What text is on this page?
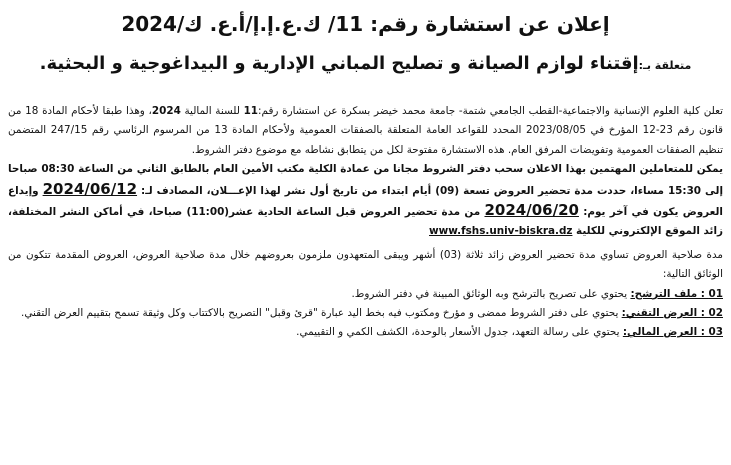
إعلان عن استشارة رقم: 11/ ك.ع.إ.إ/أ.ع. ك/2024
متعلقة بـ:إقتناء لوازم الصيانة و تصليح المباني الإدارية و البيداغوجية و البحثية.

تعلن كلية العلوم الإنسانية والاجتماعية-القطب الجامعي شتمة- جامعة محمد خيضر بسكرة عن استشارة رقم:11 للسنة المالية 2024، وهذا طبقا لأحكام المادة 18 من قانون رقم 23-12 المؤرخ في 2023/08/05 المحدد للقواعد العامة المتعلقة بالصفقات العمومية ولأحكام المادة 13 من المرسوم الرئاسي رقم 247/15 المتضمن تنظيم الصفقات العمومية وتفويضات المرفق العام. هذه الاستشارة مفتوحة لكل من يتطابق نشاطه مع موضوع دفتر الشروط.

يمكن للمتعاملين المهتمين بهذا الاعلان سحب دفتر الشروط مجانا من عمادة الكلية مكتب الأمين العام بالطابق الثاني من الساعة 08:30 صباحا إلى 15:30 مساءا، حددت مدة تحضير العروض تسعة (09) أيام ابتداء من تاريخ أول نشر لهذا الإعـــلان، المصادف لـ: 2024/06/12 وإيداع العروض يكون في آخر يوم: 2024/06/20 من مدة تحضير العروض قبل الساعة الحادية عشر(11:00) صباحا، في أماكن النشر المختلفة، زائد الموقع الإلكتروني للكلية www.fshs.univ-biskra.dz

مدة صلاحية العروض تساوي مدة تحضير العروض زائد ثلاثة (03) أشهر ويبقى المتعهدون ملزمون بعروضهم خلال مدة صلاحية العروض، العروض المقدمة تتكون من الوثائق التالية:

01 : ملف الترشح: يحتوي على تصريح بالترشح وبه الوثائق المبينة في دفتر الشروط.

02 : العرض التقني: يحتوي على دفتر الشروط ممضى و مؤرخ ومكتوب فيه بخط اليد عبارة "قرئ وقبل" التصريح بالاكتتاب وكل وثيقة تسمح بتقييم العرض التقني.

03 : العرض المالي: يحتوي على رسالة التعهد، جدول الأسعار بالوحدة، الكشف الكمي و التقييمي.
